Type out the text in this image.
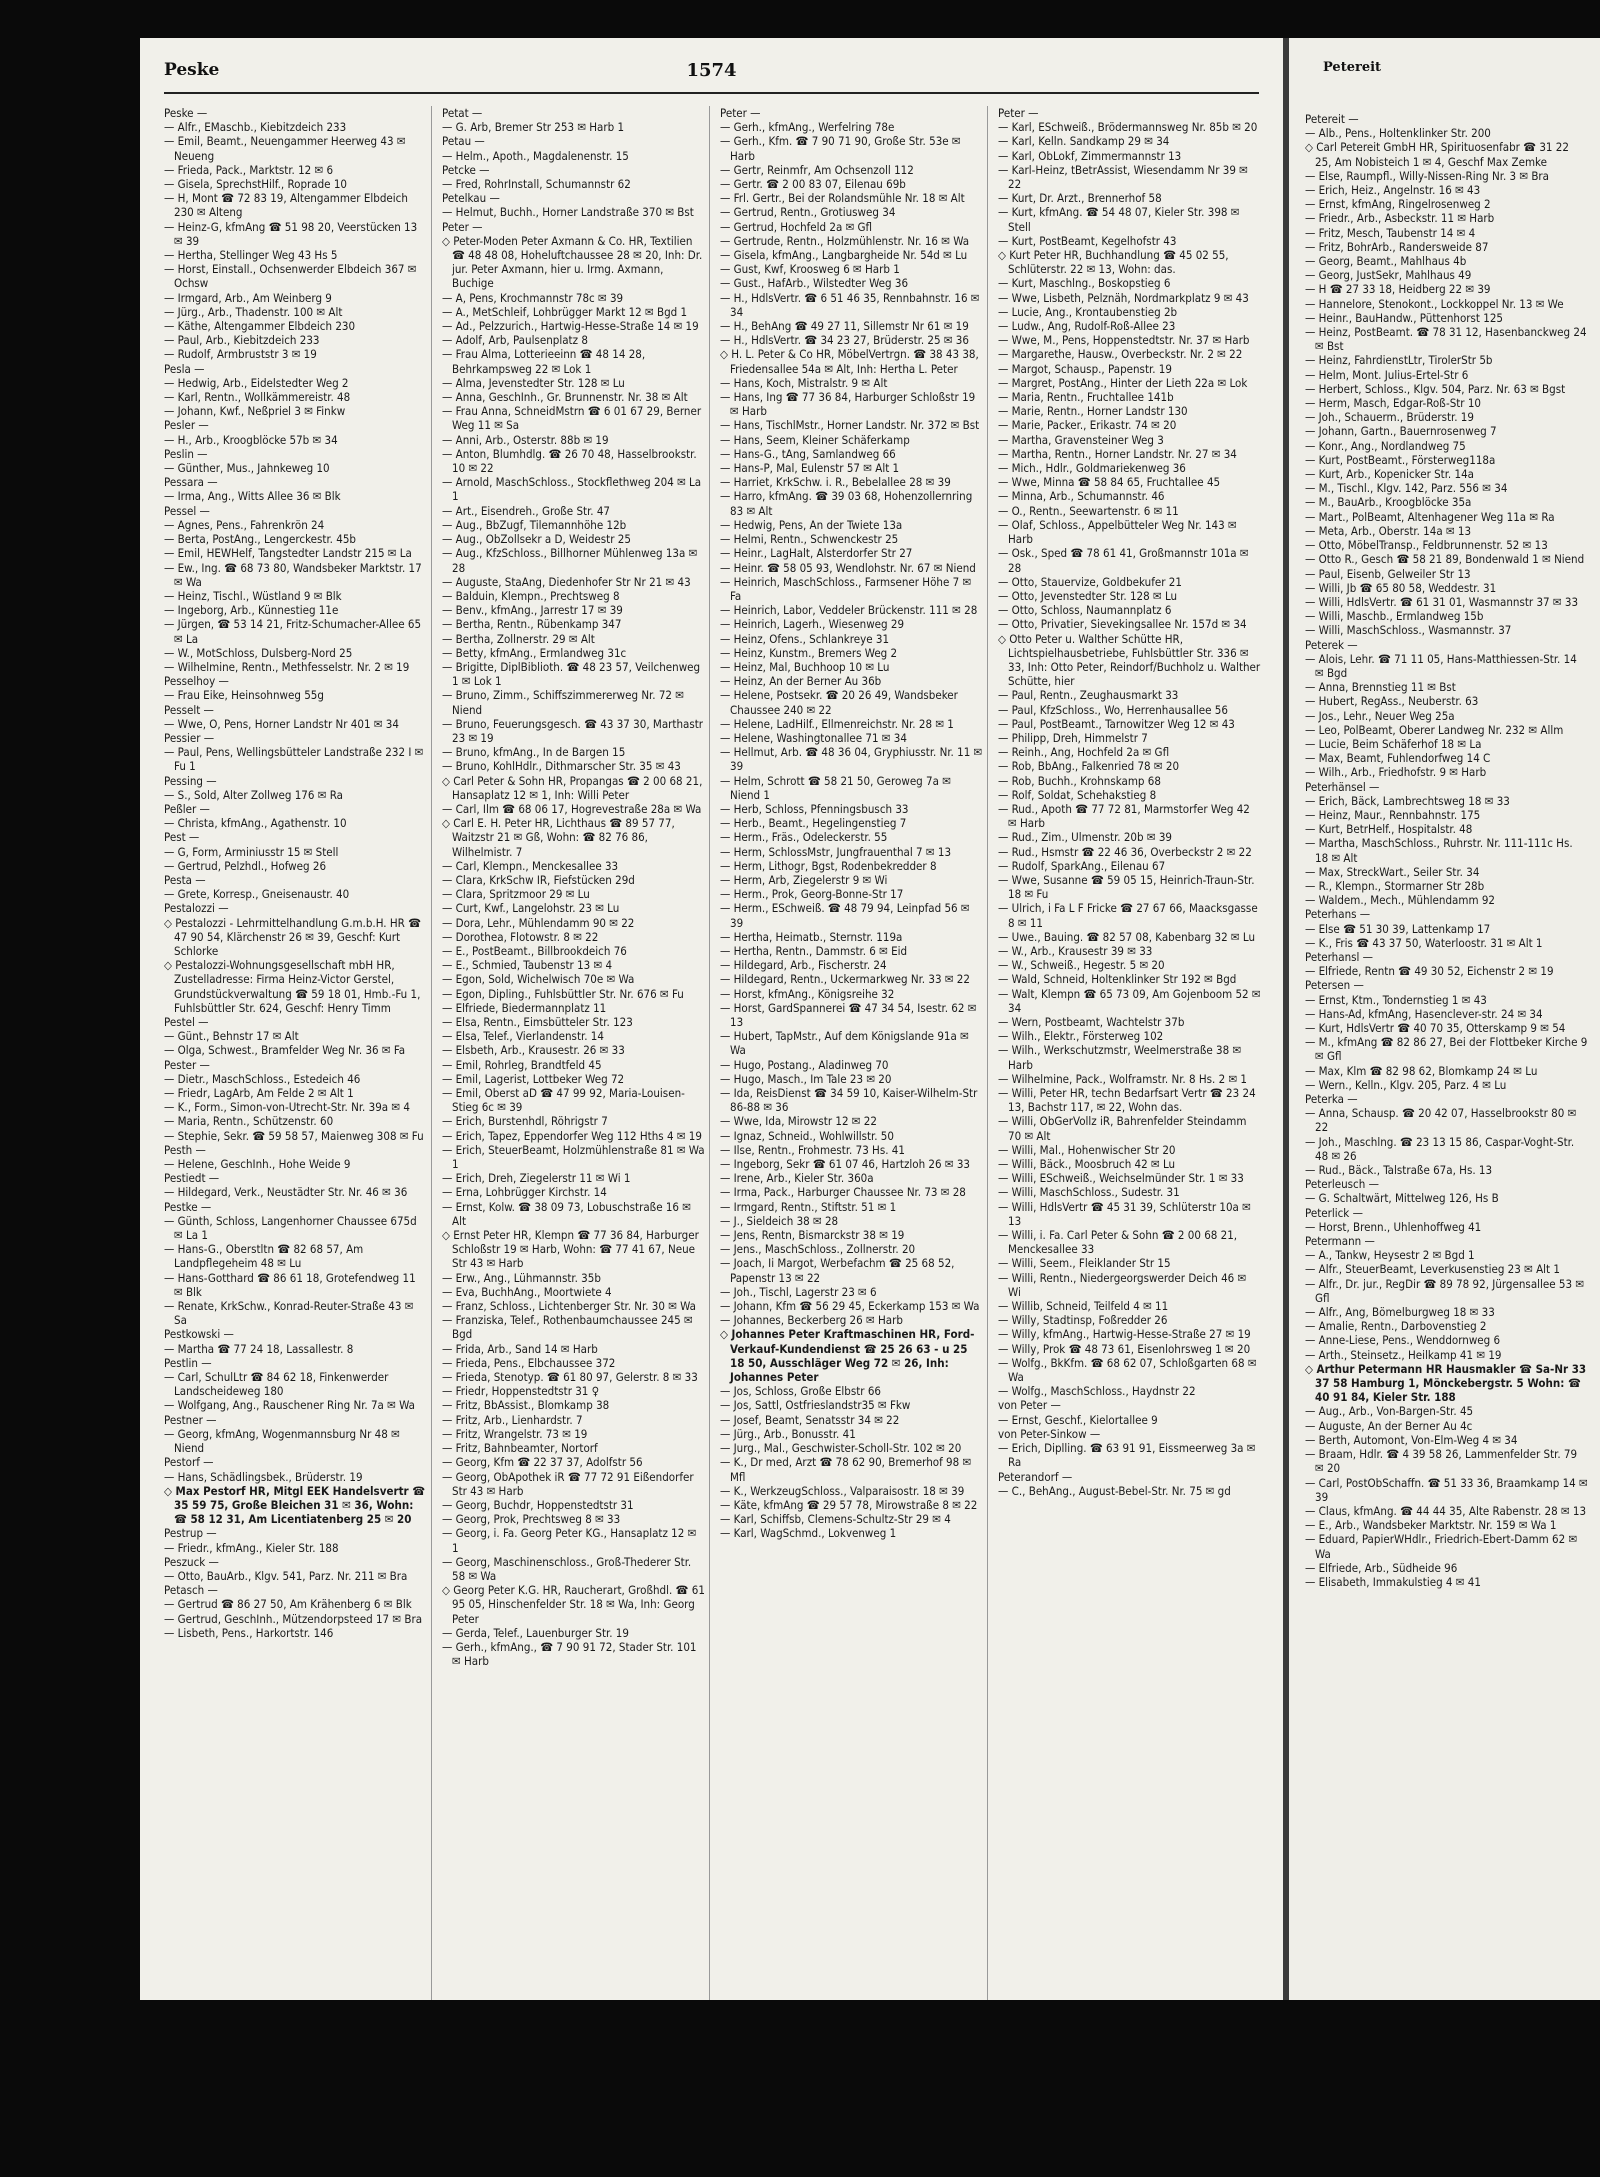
Peske	1574

Peske —

— Alfr., EMaschb., Kiebitzdeich 233

— Emil, Beamt., Neuengammer Heerweg 43 ✉ Neueng

— Frieda, Pack., Marktstr. 12 ✉ 6

— Gisela, SprechstHilf., Roprade 10

— H, Mont ☎ 72 83 19, Altengammer Elbdeich 230 ✉ Alteng

— Heinz-G, kfmAng ☎ 51 98 20, Veerstücken 13 ✉ 39

— Hertha, Stellinger Weg 43 Hs 5

— Horst, Einstall., Ochsenwerder Elbdeich 367 ✉ Ochsw

— Irmgard, Arb., Am Weinberg 9

— Jürg., Arb., Thadenstr. 100 ✉ Alt

— Käthe, Altengammer Elbdeich 230

— Paul, Arb., Kiebitzdeich 233

— Rudolf, Armbruststr 3 ✉ 19

Pesla —

— Hedwig, Arb., Eidelstedter Weg 2

— Karl, Rentn., Wollkämmereistr. 48

— Johann, Kwf., Neßpriel 3 ✉ Finkw

Pesler —

— H., Arb., Kroogblöcke 57b ✉ 34

Peslin —

— Günther, Mus., Jahnkeweg 10

Pessara —

— Irma, Ang., Witts Allee 36 ✉ Blk

Pessel —

— Agnes, Pens., Fahrenkrön 24

— Berta, PostAng., Lengerckestr. 45b

— Emil, HEWHelf, Tangstedter Landstr 215 ✉ La

— Ew., Ing. ☎ 68 73 80, Wandsbeker Marktstr. 17 ✉ Wa

— Heinz, Tischl., Wüstland 9 ✉ Blk

— Ingeborg, Arb., Künnestieg 11e

— Jürgen, ☎ 53 14 21, Fritz-Schumacher-Allee 65 ✉ La

— W., MotSchloss, Dulsberg-Nord 25

— Wilhelmine, Rentn., Methfesselstr. Nr. 2 ✉ 19

Pesselhoy —

— Frau Eike, Heinsohnweg 55g

Pesselt —

— Wwe, O, Pens, Horner Landstr Nr 401 ✉ 34

Pessier —

— Paul, Pens, Wellingsbütteler Landstraße 232 I ✉ Fu 1

Pessing —

— S., Sold, Alter Zollweg 176 ✉ Ra

Peßler —

— Christa, kfmAng., Agathenstr. 10

Pest —

— G, Form, Arminiusstr 15 ✉ Stell

— Gertrud, Pelzhdl., Hofweg 26

Pesta —

— Grete, Korresp., Gneisenaustr. 40

Pestalozzi —

◇ Pestalozzi - Lehrmittelhandlung G.m.b.H. HR ☎ 47 90 54, Klärchenstr 26 ✉ 39, Geschf: Kurt Schlorke

◇ Pestalozzi-Wohnungsgesellschaft mbH HR, Zustelladresse: Firma Heinz-Victor Gerstel, Grundstückverwaltung ☎ 59 18 01, Hmb.-Fu 1, Fuhlsbüttler Str. 624, Geschf: Henry Timm

Pestel —

— Günt., Behnstr 17 ✉ Alt

— Olga, Schwest., Bramfelder Weg Nr. 36 ✉ Fa

Pester —

— Dietr., MaschSchloss., Estedeich 46

— Friedr, LagArb, Am Felde 2 ✉ Alt 1

— K., Form., Simon-von-Utrecht-Str. Nr. 39a ✉ 4

— Maria, Rentn., Schützenstr. 60

— Stephie, Sekr. ☎ 59 58 57, Maienweg 308 ✉ Fu

Pesth —

— Helene, GeschInh., Hohe Weide 9

Pestiedt —

— Hildegard, Verk., Neustädter Str. Nr. 46 ✉ 36

Pestke —

— Günth, Schloss, Langenhorner Chaussee 675d ✉ La 1

— Hans-G., Oberstltn ☎ 82 68 57, Am Landpflegeheim 48 ✉ Lu

— Hans-Gotthard ☎ 86 61 18, Grotefendweg 11 ✉ Blk

— Renate, KrkSchw., Konrad-Reuter-Straße 43 ✉ Sa

Pestkowski —

— Martha ☎ 77 24 18, Lassallestr. 8

Pestlin —

— Carl, SchulLtr ☎ 84 62 18, Finkenwerder Landscheideweg 180

— Wolfgang, Ang., Rauschener Ring Nr. 7a ✉ Wa

Pestner —

— Georg, kfmAng, Wogenmannsburg Nr 48 ✉ Niend

Pestorf —

— Hans, Schädlingsbek., Brüderstr. 19

◇ Max Pestorf HR, Mitgl EEK Handelsvertr ☎ 35 59 75, Große Bleichen 31 ✉ 36, Wohn: ☎ 58 12 31, Am Licentiatenberg 25 ✉ 20

Pestrup —

— Friedr., kfmAng., Kieler Str. 188

Peszuck —

— Otto, BauArb., Klgv. 541, Parz. Nr. 211 ✉ Bra

Petasch —

— Gertrud ☎ 86 27 50, Am Krähenberg 6 ✉ Blk

— Gertrud, GeschInh., Mützendorpsteed 17 ✉ Bra

— Lisbeth, Pens., Harkortstr. 146

Petat —

— G. Arb, Bremer Str 253 ✉ Harb 1

Petau —

— Helm., Apoth., Magdalenenstr. 15

Petcke —

— Fred, RohrInstall, Schumannstr 62

Petelkau —

— Helmut, Buchh., Horner Landstraße 370 ✉ Bst

Peter —

◇ Peter-Moden Peter Axmann & Co. HR, Textilien ☎ 48 48 08, Hoheluftchaussee 28 ✉ 20, Inh: Dr. jur. Peter Axmann, hier u. Irmg. Axmann, Buchige

— A, Pens, Krochmannstr 78c ✉ 39

— A., MetSchleif, Lohbrügger Markt 12 ✉ Bgd 1

— Ad., Pelzzurich., Hartwig-Hesse-Straße 14 ✉ 19

— Adolf, Arb, Paulsenplatz 8

— Frau Alma, Lotterieeinn ☎ 48 14 28, Behrkampsweg 22 ✉ Lok 1

— Alma, Jevenstedter Str. 128 ✉ Lu

— Anna, GeschInh., Gr. Brunnenstr. Nr. 38 ✉ Alt

— Frau Anna, SchneidMstrn ☎ 6 01 67 29, Berner Weg 11 ✉ Sa

— Anni, Arb., Osterstr. 88b ✉ 19

— Anton, Blumhdlg. ☎ 26 70 48, Hasselbrookstr. 10 ✉ 22

— Arnold, MaschSchloss., Stockflethweg 204 ✉ La 1

— Art., Eisendreh., Große Str. 47

— Aug., BbZugf, Tilemannhöhe 12b

— Aug., ObZollsekr a D, Weidestr 25

— Aug., KfzSchloss., Billhorner Mühlenweg 13a ✉ 28

— Auguste, StaAng, Diedenhofer Str Nr 21 ✉ 43

— Balduin, Klempn., Prechtsweg 8

— Benv., kfmAng., Jarrestr 17 ✉ 39

— Bertha, Rentn., Rübenkamp 347

— Bertha, Zollnerstr. 29 ✉ Alt

— Betty, kfmAng., Ermlandweg 31c

— Brigitte, DiplBiblioth. ☎ 48 23 57, Veilchenweg 1 ✉ Lok 1

— Bruno, Zimm., Schiffszimmererweg Nr. 72 ✉ Niend

— Bruno, Feuerungsgesch. ☎ 43 37 30, Marthastr 23 ✉ 19

— Bruno, kfmAng., In de Bargen 15

— Bruno, KohlHdlr., Dithmarscher Str. 35 ✉ 43

◇ Carl Peter & Sohn HR, Propangas ☎ 2 00 68 21, Hansaplatz 12 ✉ 1, Inh: Willi Peter

— Carl, Ilm ☎ 68 06 17, Hogrevestraße 28a ✉ Wa

◇ Carl E. H. Peter HR, Lichthaus ☎ 89 57 77, Waitzstr 21 ✉ Gß, Wohn: ☎ 82 76 86, Wilhelmistr. 7

— Carl, Klempn., Menckesallee 33

— Clara, KrkSchw IR, Fiefstücken 29d

— Clara, Spritzmoor 29 ✉ Lu

— Curt, Kwf., Langelohstr. 23 ✉ Lu

— Dora, Lehr., Mühlendamm 90 ✉ 22

— Dorothea, Flotowstr. 8 ✉ 22

— E., PostBeamt., Billbrookdeich 76

— E., Schmied, Taubenstr 13 ✉ 4

— Egon, Sold, Wichelwisch 70e ✉ Wa

— Egon, Dipling., Fuhlsbüttler Str. Nr. 676 ✉ Fu

— Elfriede, Biedermannplatz 11

— Elsa, Rentn., Eimsbütteler Str. 123

— Elsa, Telef., Vierlandenstr. 14

— Elsbeth, Arb., Krausestr. 26 ✉ 33

— Emil, Rohrleg, Brandtfeld 45

— Emil, Lagerist, Lottbeker Weg 72

— Emil, Oberst aD ☎ 47 99 92, Maria-Louisen-Stieg 6c ✉ 39

— Erich, Burstenhdl, Röhrigstr 7

— Erich, Tapez, Eppendorfer Weg 112 Hths 4 ✉ 19

— Erich, SteuerBeamt, Holzmühlenstraße 81 ✉ Wa 1

— Erich, Dreh, Ziegelerstr 11 ✉ Wi 1

— Erna, Lohbrügger Kirchstr. 14

— Ernst, Kolw. ☎ 38 09 73, Lobuschstraße 16 ✉ Alt

◇ Ernst Peter HR, Klempn ☎ 77 36 84, Harburger Schloßstr 19 ✉ Harb, Wohn: ☎ 77 41 67, Neue Str 43 ✉ Harb

— Erw., Ang., Lühmannstr. 35b

— Eva, BuchhAng., Moortwiete 4

— Franz, Schloss., Lichtenberger Str. Nr. 30 ✉ Wa

— Franziska, Telef., Rothenbaumchaussee 245 ✉ Bgd

— Frida, Arb., Sand 14 ✉ Harb

— Frieda, Pens., Elbchaussee 372

— Frieda, Stenotyp. ☎ 61 80 97, Gelerstr. 8 ✉ 33

— Friedr, Hoppenstedtstr 31 ♀

— Fritz, BbAssist., Blomkamp 38

— Fritz, Arb., Lienhardstr. 7

— Fritz, Wrangelstr. 73 ✉ 19

— Fritz, Bahnbeamter, Nortorf

— Georg, Kfm ☎ 22 37 37, Adolfstr 56

— Georg, ObApothek iR ☎ 77 72 91 Eißendorfer Str 43 ✉ Harb

— Georg, Buchdr, Hoppenstedtstr 31

— Georg, Prok, Prechtsweg 8 ✉ 33

— Georg, i. Fa. Georg Peter KG., Hansaplatz 12 ✉ 1

— Georg, Maschinenschloss., Groß-Thederer Str. 58 ✉ Wa

◇ Georg Peter K.G. HR, Raucherart, Großhdl. ☎ 61 95 05, Hinschenfelder Str. 18 ✉ Wa, Inh: Georg Peter

— Gerda, Telef., Lauenburger Str. 19

— Gerh., kfmAng., ☎ 7 90 91 72, Stader Str. 101 ✉ Harb

Peter —

— Gerh., kfmAng., Werfelring 78e

— Gerh., Kfm. ☎ 7 90 71 90, Große Str. 53e ✉ Harb

— Gertr, Reinmfr, Am Ochsenzoll 112

— Gertr. ☎ 2 00 83 07, Eilenau 69b

— Frl. Gertr., Bei der Rolandsmühle Nr. 18 ✉ Alt

— Gertrud, Rentn., Grotiusweg 34

— Gertrud, Hochfeld 2a ✉ Gfl

— Gertrude, Rentn., Holzmühlenstr. Nr. 16 ✉ Wa

— Gisela, kfmAng., Langbargheide Nr. 54d ✉ Lu

— Gust, Kwf, Kroosweg 6 ✉ Harb 1

— Gust., HafArb., Wilstedter Weg 36

— H., HdlsVertr. ☎ 6 51 46 35, Rennbahnstr. 16 ✉ 34

— H., BehAng ☎ 49 27 11, Sillemstr Nr 61 ✉ 19

— H., HdlsVertr. ☎ 34 23 27, Brüderstr. 25 ✉ 36

◇ H. L. Peter & Co HR, MöbelVertrgn. ☎ 38 43 38, Friedensallee 54a ✉ Alt, Inh: Hertha L. Peter

— Hans, Koch, Mistralstr. 9 ✉ Alt

— Hans, Ing ☎ 77 36 84, Harburger Schloßstr 19 ✉ Harb

— Hans, TischlMstr., Horner Landstr. Nr. 372 ✉ Bst

— Hans, Seem, Kleiner Schäferkamp

— Hans-G., tAng, Samlandweg 66

— Hans-P, Mal, Eulenstr 57 ✉ Alt 1

— Harriet, KrkSchw. i. R., Bebelallee 28 ✉ 39

— Harro, kfmAng. ☎ 39 03 68, Hohenzollernring 83 ✉ Alt

— Hedwig, Pens, An der Twiete 13a

— Helmi, Rentn., Schwenckestr 25

— Heinr., LagHalt, Alsterdorfer Str 27

— Heinr. ☎ 58 05 93, Wendlohstr. Nr. 67 ✉ Niend

— Heinrich, MaschSchloss., Farmsener Höhe 7 ✉ Fa

— Heinrich, Labor, Veddeler Brückenstr. 111 ✉ 28

— Heinrich, Lagerh., Wiesenweg 29

— Heinz, Ofens., Schlankreye 31

— Heinz, Kunstm., Bremers Weg 2

— Heinz, Mal, Buchhoop 10 ✉ Lu

— Heinz, An der Berner Au 36b

— Helene, Postsekr. ☎ 20 26 49, Wandsbeker Chaussee 240 ✉ 22

— Helene, LadHilf., Ellmenreichstr. Nr. 28 ✉ 1

— Helene, Washingtonallee 71 ✉ 34

— Hellmut, Arb. ☎ 48 36 04, Gryphiusstr. Nr. 11 ✉ 39

— Helm, Schrott ☎ 58 21 50, Geroweg 7a ✉ Niend 1

— Herb, Schloss, Pfenningsbusch 33

— Herb., Beamt., Hegelingenstieg 7

— Herm., Fräs., Odeleckerstr. 55

— Herm, SchlossMstr, Jungfrauenthal 7 ✉ 13

— Herm, Lithogr, Bgst, Rodenbekredder 8

— Herm, Arb, Ziegelerstr 9 ✉ Wi

— Herm., Prok, Georg-Bonne-Str 17

— Herm., ESchweiß. ☎ 48 79 94, Leinpfad 56 ✉ 39

— Hertha, Heimatb., Sternstr. 119a

— Hertha, Rentn., Dammstr. 6 ✉ Eid

— Hildegard, Arb., Fischerstr. 24

— Hildegard, Rentn., Uckermarkweg Nr. 33 ✉ 22

— Horst, kfmAng., Königsreihe 32

— Horst, GardSpannerei ☎ 47 34 54, Isestr. 62 ✉ 13

— Hubert, TapMstr., Auf dem Königslande 91a ✉ Wa

— Hugo, Postang., Aladinweg 70

— Hugo, Masch., Im Tale 23 ✉ 20

— Ida, ReisDienst ☎ 34 59 10, Kaiser-Wilhelm-Str 86-88 ✉ 36

— Wwe, Ida, Mirowstr 12 ✉ 22

— Ignaz, Schneid., Wohlwillstr. 50

— Ilse, Rentn., Frohmestr. 73 Hs. 41

— Ingeborg, Sekr ☎ 61 07 46, Hartzloh 26 ✉ 33

— Irene, Arb., Kieler Str. 360a

— Irma, Pack., Harburger Chaussee Nr. 73 ✉ 28

— Irmgard, Rentn., Stiftstr. 51 ✉ 1

— J., Sieldeich 38 ✉ 28

— Jens, Rentn, Bismarckstr 38 ✉ 19

— Jens., MaschSchloss., Zollnerstr. 20

— Joach, Ii Margot, Werbefachm ☎ 25 68 52, Papenstr 13 ✉ 22

— Joh., Tischl, Lagerstr 23 ✉ 6

— Johann, Kfm ☎ 56 29 45, Eckerkamp 153 ✉ Wa

— Johannes, Beckerberg 26 ✉ Harb

◇ Johannes Peter Kraftmaschinen HR, Ford-Verkauf-Kundendienst ☎ 25 26 63 - u 25 18 50, Ausschläger Weg 72 ✉ 26, Inh: Johannes Peter

— Jos, Schloss, Große Elbstr 66

— Jos, Sattl, Ostfrieslandstr35 ✉ Fkw

— Josef, Beamt, Senatsstr 34 ✉ 22

— Jürg., Arb., Bonusstr. 41

— Jurg., Mal., Geschwister-Scholl-Str. 102 ✉ 20

— K., Dr med, Arzt ☎ 78 62 90, Bremerhof 98 ✉ Mfl

— K., WerkzeugSchloss., Valparaisostr. 18 ✉ 39

— Käte, kfmAng ☎ 29 57 78, Mirowstraße 8 ✉ 22

— Karl, Schiffsb, Clemens-Schultz-Str 29 ✉ 4

— Karl, WagSchmd., Lokvenweg 1

Peter —

— Karl, ESchweiß., Brödermannsweg Nr. 85b ✉ 20

— Karl, Kelln. Sandkamp 29 ✉ 34

— Karl, ObLokf, Zimmermannstr 13

— Karl-Heinz, tBetrAssist, Wiesendamm Nr 39 ✉ 22

— Kurt, Dr. Arzt., Brennerhof 58

— Kurt, kfmAng. ☎ 54 48 07, Kieler Str. 398 ✉ Stell

— Kurt, PostBeamt, Kegelhofstr 43

◇ Kurt Peter HR, Buchhandlung ☎ 45 02 55, Schlüterstr. 22 ✉ 13, Wohn: das.

— Kurt, Maschlng., Boskopstieg 6

— Wwe, Lisbeth, Pelznäh, Nordmarkplatz 9 ✉ 43

— Lucie, Ang., Krontaubenstieg 2b

— Ludw., Ang, Rudolf-Roß-Allee 23

— Wwe, M., Pens, Hoppenstedtstr. Nr. 37 ✉ Harb

— Margarethe, Hausw., Overbeckstr. Nr. 2 ✉ 22

— Margot, Schausp., Papenstr. 19

— Margret, PostAng., Hinter der Lieth 22a ✉ Lok

— Maria, Rentn., Fruchtallee 141b

— Marie, Rentn., Horner Landstr 130

— Marie, Packer., Erikastr. 74 ✉ 20

— Martha, Gravensteiner Weg 3

— Martha, Rentn., Horner Landstr. Nr. 27 ✉ 34

— Mich., Hdlr., Goldmariekenweg 36

— Wwe, Minna ☎ 58 84 65, Fruchtallee 45

— Minna, Arb., Schumannstr. 46

— O., Rentn., Seewartenstr. 6 ✉ 11

— Olaf, Schloss., Appelbütteler Weg Nr. 143 ✉ Harb

— Osk., Sped ☎ 78 61 41, Großmannstr 101a ✉ 28

— Otto, Stauervize, Goldbekufer 21

— Otto, Jevenstedter Str. 128 ✉ Lu

— Otto, Schloss, Naumannplatz 6

— Otto, Privatier, Sievekingsallee Nr. 157d ✉ 34

◇ Otto Peter u. Walther Schütte HR, Lichtspielhausbetriebe, Fuhlsbüttler Str. 336 ✉ 33, Inh: Otto Peter, Reindorf/Buchholz u. Walther Schütte, hier

— Paul, Rentn., Zeughausmarkt 33

— Paul, KfzSchloss., Wo, Herrenhausallee 56

— Paul, PostBeamt., Tarnowitzer Weg 12 ✉ 43

— Philipp, Dreh, Himmelstr 7

— Reinh., Ang, Hochfeld 2a ✉ Gfl

— Rob, BbAng., Falkenried 78 ✉ 20

— Rob, Buchh., Krohnskamp 68

— Rolf, Soldat, Schehakstieg 8

— Rud., Apoth ☎ 77 72 81, Marmstorfer Weg 42 ✉ Harb

— Rud., Zim., Ulmenstr. 20b ✉ 39

— Rud., Hsmstr ☎ 22 46 36, Overbeckstr 2 ✉ 22

— Rudolf, SparkAng., Eilenau 67

— Wwe, Susanne ☎ 59 05 15, Heinrich-Traun-Str. 18 ✉ Fu

— Ulrich, i Fa L F Fricke ☎ 27 67 66, Maacksgasse 8 ✉ 11

— Uwe., Bauing. ☎ 82 57 08, Kabenbarg 32 ✉ Lu

— W., Arb., Krausestr 39 ✉ 33

— W., Schweiß., Hegestr. 5 ✉ 20

— Wald, Schneid, Holtenklinker Str 192 ✉ Bgd

— Walt, Klempn ☎ 65 73 09, Am Gojenboom 52 ✉ 34

— Wern, Postbeamt, Wachtelstr 37b

— Wilh., Elektr., Försterweg 102

— Wilh., Werkschutzmstr, Weelmerstraße 38 ✉ Harb

— Wilhelmine, Pack., Wolframstr. Nr. 8 Hs. 2 ✉ 1

— Willi, Peter HR, techn Bedarfsart Vertr ☎ 23 24 13, Bachstr 117, ✉ 22, Wohn das.

— Willi, ObGerVollz iR, Bahrenfelder Steindamm 70 ✉ Alt

— Willi, Mal., Hohenwischer Str 20

— Willi, Bäck., Moosbruch 42 ✉ Lu

— Willi, ESchweiß., Weichselmünder Str. 1 ✉ 33

— Willi, MaschSchloss., Sudestr. 31

— Willi, HdlsVertr ☎ 45 31 39, Schlüterstr 10a ✉ 13

— Willi, i. Fa. Carl Peter & Sohn ☎ 2 00 68 21, Menckesallee 33

— Willi, Seem., Fleiklander Str 15

— Willi, Rentn., Niedergeorgswerder Deich 46 ✉ Wi

— Willib, Schneid, Teilfeld 4 ✉ 11

— Willy, Stadtinsp, Foßredder 26

— Willy, kfmAng., Hartwig-Hesse-Straße 27 ✉ 19

— Willy, Prok ☎ 48 73 61, Eisenlohrsweg 1 ✉ 20

— Wolfg., BkKfm. ☎ 68 62 07, Schloßgarten 68 ✉ Wa

— Wolfg., MaschSchloss., Haydnstr 22

von Peter —

— Ernst, Geschf., Kielortallee 9

von Peter-Sinkow —

— Erich, Diplling. ☎ 63 91 91, Eissmeerweg 3a ✉ Ra

Peterandorf —

— C., BehAng., August-Bebel-Str. Nr. 75 ✉ gd

Petereit

Petereit —

— Alb., Pens., Holtenklinker Str. 200

◇ Carl Petereit GmbH HR, Spirituosenfabr ☎ 31 22 25, Am Nobisteich 1 ✉ 4, Geschf Max Zemke

— Else, Raumpfl., Willy-Nissen-Ring Nr. 3 ✉ Bra

— Erich, Heiz., Angelnstr. 16 ✉ 43

— Ernst, kfmAng, Ringelrosenweg 2

— Friedr., Arb., Asbeckstr. 11 ✉ Harb

— Fritz, Mesch, Taubenstr 14 ✉ 4

— Fritz, BohrArb., Randersweide 87

— Georg, Beamt., Mahlhaus 4b

— Georg, JustSekr, Mahlhaus 49

— H ☎ 27 33 18, Heidberg 22 ✉ 39

— Hannelore, Stenokont., Lockkoppel Nr. 13 ✉ We

— Heinr., BauHandw., Püttenhorst 125

— Heinz, PostBeamt. ☎ 78 31 12, Hasenbanckweg 24 ✉ Bst

— Heinz, FahrdienstLtr, TirolerStr 5b

— Helm, Mont. Julius-Ertel-Str 6

— Herbert, Schloss., Klgv. 504, Parz. Nr. 63 ✉ Bgst

— Herm, Masch, Edgar-Roß-Str 10

— Joh., Schauerm., Brüderstr. 19

— Johann, Gartn., Bauernrosenweg 7

— Konr., Ang., Nordlandweg 75

— Kurt, PostBeamt., Försterweg118a

— Kurt, Arb., Kopenicker Str. 14a

— M., Tischl., Klgv. 142, Parz. 556 ✉ 34

— M., BauArb., Kroogblöcke 35a

— Mart., PolBeamt, Altenhagener Weg 11a ✉ Ra

— Meta, Arb., Oberstr. 14a ✉ 13

— Otto, MöbelTransp., Feldbrunnenstr. 52 ✉ 13

— Otto R., Gesch ☎ 58 21 89, Bondenwald 1 ✉ Niend

— Paul, Eisenb, Gelweiler Str 13

— Willi, Jb ☎ 65 80 58, Weddestr. 31

— Willi, HdlsVertr. ☎ 61 31 01, Wasmannstr 37 ✉ 33

— Willi, Maschb., Ermlandweg 15b

— Willi, MaschSchloss., Wasmannstr. 37

Peterek —

— Alois, Lehr. ☎ 71 11 05, Hans-Matthiessen-Str. 14 ✉ Bgd

— Anna, Brennstieg 11 ✉ Bst

— Hubert, RegAss., Neuberstr. 63

— Jos., Lehr., Neuer Weg 25a

— Leo, PolBeamt, Oberer Landweg Nr. 232 ✉ Allm

— Lucie, Beim Schäferhof 18 ✉ La

— Max, Beamt, Fuhlendorfweg 14 C

— Wilh., Arb., Friedhofstr. 9 ✉ Harb

Peterhänsel —

— Erich, Bäck, Lambrechtsweg 18 ✉ 33

— Heinz, Maur., Rennbahnstr. 175

— Kurt, BetrHelf., Hospitalstr. 48

— Martha, MaschSchloss., Ruhrstr. Nr. 111-111c Hs. 18 ✉ Alt

— Max, StreckWart., Seiler Str. 34

— R., Klempn., Stormarner Str 28b

— Waldem., Mech., Mühlendamm 92

Peterhans —

— Else ☎ 51 30 39, Lattenkamp 17

— K., Fris ☎ 43 37 50, Waterloostr. 31 ✉ Alt 1

Peterhansl —

— Elfriede, Rentn ☎ 49 30 52, Eichenstr 2 ✉ 19

Petersen —

— Ernst, Ktm., Tondernstieg 1 ✉ 43

— Hans-Ad, kfmAng, Hasenclever-str. 24 ✉ 34

— Kurt, HdlsVertr ☎ 40 70 35, Otterskamp 9 ✉ 54

— M., kfmAng ☎ 82 86 27, Bei der Flottbeker Kirche 9 ✉ Gfl

— Max, Klm ☎ 82 98 62, Blomkamp 24 ✉ Lu

— Wern., Kelln., Klgv. 205, Parz. 4 ✉ Lu

Peterka —

— Anna, Schausp. ☎ 20 42 07, Hasselbrookstr 80 ✉ 22

— Joh., Maschlng. ☎ 23 13 15 86, Caspar-Voght-Str. 48 ✉ 26

— Rud., Bäck., Talstraße 67a, Hs. 13

Peterleusch —

— G. Schaltwärt, Mittelweg 126, Hs B

Peterlick —

— Horst, Brenn., Uhlenhoffweg 41

Petermann —

— A., Tankw, Heysestr 2 ✉ Bgd 1

— Alfr., SteuerBeamt, Leverkusenstieg 23 ✉ Alt 1

— Alfr., Dr. jur., RegDir ☎ 89 78 92, Jürgensallee 53 ✉ Gfl

— Alfr., Ang, Bömelburgweg 18 ✉ 33

— Amalie, Rentn., Darbovenstieg 2

— Anne-Liese, Pens., Wenddornweg 6

— Arth., Steinsetz., Heilkamp 41 ✉ 19

◇ Arthur Petermann HR Hausmakler ☎ Sa-Nr 33 37 58 Hamburg 1, Mönckebergstr. 5 Wohn: ☎ 40 91 84, Kieler Str. 188

— Aug., Arb., Von-Bargen-Str. 45

— Auguste, An der Berner Au 4c

— Berth, Automont, Von-Elm-Weg 4 ✉ 34

— Braam, Hdlr. ☎ 4 39 58 26, Lammenfelder Str. 79 ✉ 20

— Carl, PostObSchaffn. ☎ 51 33 36, Braamkamp 14 ✉ 39

— Claus, kfmAng. ☎ 44 44 35, Alte Rabenstr. 28 ✉ 13

— E., Arb., Wandsbeker Marktstr. Nr. 159 ✉ Wa 1

— Eduard, PapierWHdlr., Friedrich-Ebert-Damm 62 ✉ Wa

— Elfriede, Arb., Südheide 96

— Elisabeth, Immakulstieg 4 ✉ 41
